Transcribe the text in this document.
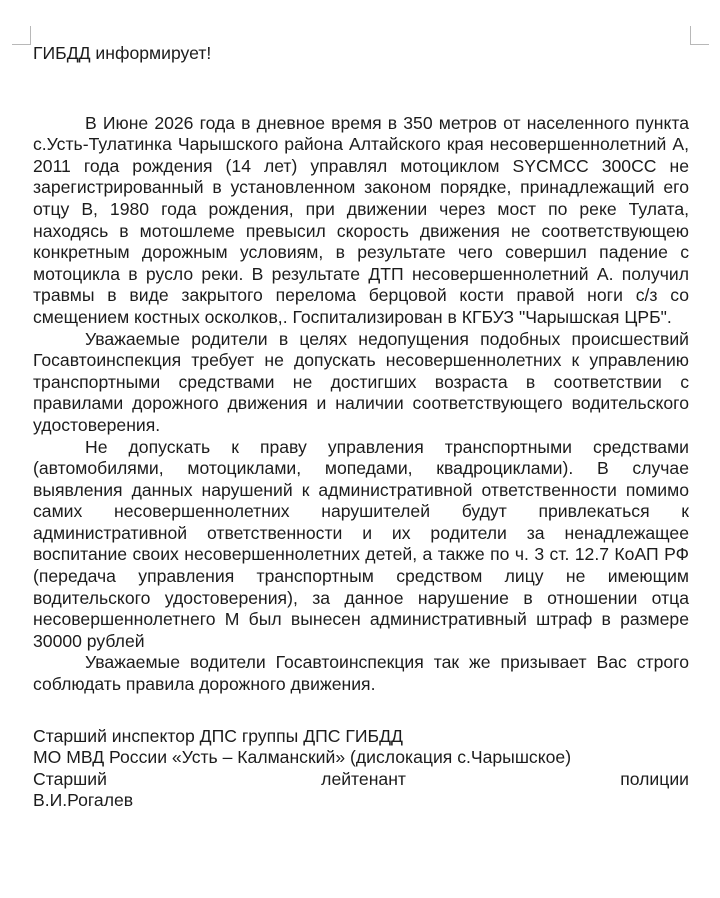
ГИБДД информирует!

В Июне 2026 года в дневное время в 350 метров от населенного пункта с.Усть-Тулатинка Чарышского района Алтайского края несовершеннолетний А, 2011 года рождения (14 лет) управлял мотоциклом SYCMCC 300CC не зарегистрированный в установленном законом порядке, принадлежащий его отцу В, 1980 года рождения, при движении через мост по реке Тулата, находясь в мотошлеме превысил скорость движения не соответствующею конкретным дорожным условиям, в результате чего совершил падение с мотоцикла в русло реки. В результате ДТП несовершеннолетний А. получил травмы в виде закрытого перелома берцовой кости правой ноги с/з со смещением костных осколков,. Госпитализирован в КГБУЗ "Чарышская ЦРБ".

Уважаемые родители в целях недопущения подобных происшествий Госавтоинспекция требует не допускать несовершеннолетних к управлению транспортными средствами не достигших возраста в соответствии с правилами дорожного движения и наличии соответствующего водительского удостоверения.

Не допускать к праву управления транспортными средствами (автомобилями, мотоциклами, мопедами, квадроциклами). В случае выявления данных нарушений к административной ответственности помимо самих несовершеннолетних нарушителей будут привлекаться к административной ответственности и их родители за ненадлежащее воспитание своих несовершеннолетних детей, а также по ч. 3 ст. 12.7 КоАП РФ (передача управления транспортным средством лицу не имеющим водительского удостоверения), за данное нарушение в отношении отца несовершеннолетнего М был вынесен административный штраф в размере 30000 рублей

Уважаемые водители Госавтоинспекция так же призывает Вас строго соблюдать правила дорожного движения.

Старший инспектор ДПС группы ДПС ГИБДД

МО МВД России «Усть – Калманский» (дислокация с.Чарышское)

Старший лейтенант полиции

В.И.Рогалев
